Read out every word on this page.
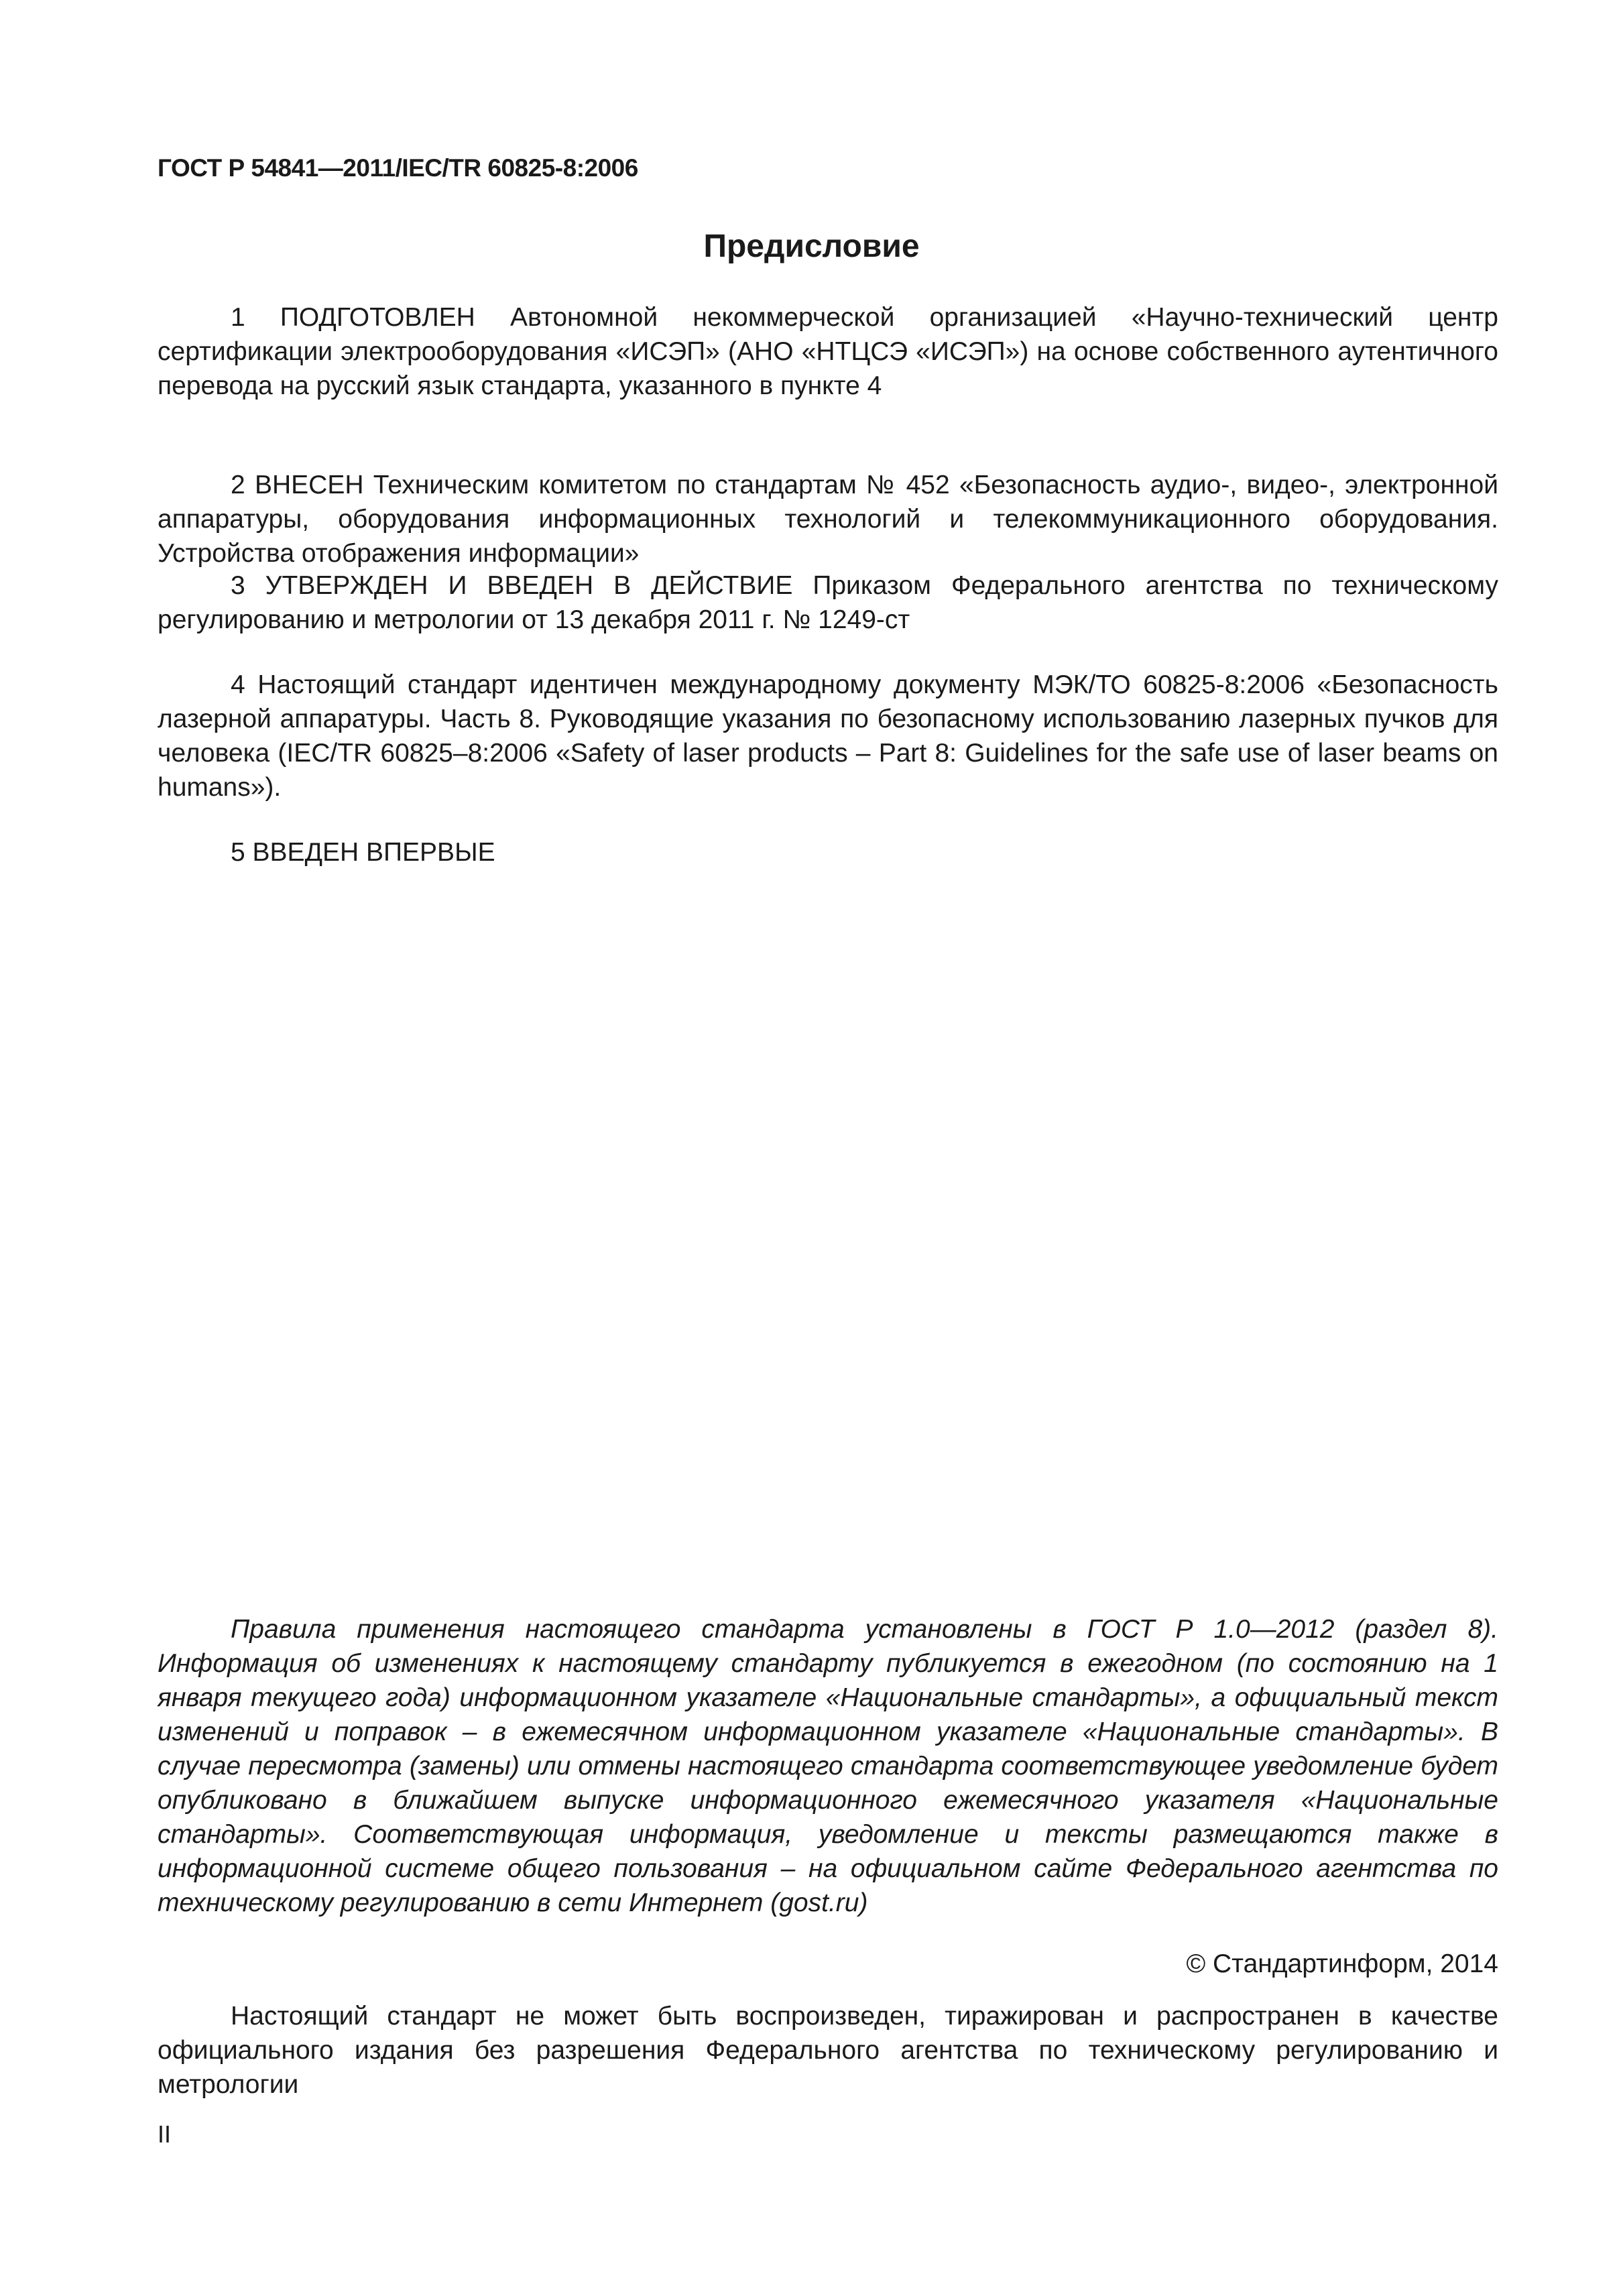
ГОСТ Р 54841—2011/IEC/TR 60825-8:2006
Предисловие

1 ПОДГОТОВЛЕН Автономной некоммерческой организацией «Научно-технический центр сертификации электрооборудования «ИСЭП» (АНО «НТЦСЭ «ИСЭП») на основе собственного аутентичного перевода на русский язык стандарта, указанного в пункте 4

2 ВНЕСЕН Техническим комитетом по стандартам № 452 «Безопасность аудио-, видео-, электронной аппаратуры, оборудования информационных технологий и телекоммуникационного оборудования. Устройства отображения информации»

3 УТВЕРЖДЕН И ВВЕДЕН В ДЕЙСТВИЕ Приказом Федерального агентства по техническому регулированию и метрологии от 13 декабря 2011 г. № 1249-ст

4 Настоящий стандарт идентичен международному документу МЭК/ТО 60825-8:2006 «Безопасность лазерной аппаратуры. Часть 8. Руководящие указания по безопасному использованию лазерных пучков для человека (IEC/TR 60825–8:2006 «Safety of laser products – Part 8: Guidelines for the safe use of laser beams on humans»).

5 ВВЕДЕН ВПЕРВЫЕ

Правила применения настоящего стандарта установлены в ГОСТ Р 1.0—2012 (раздел 8). Информация об изменениях к настоящему стандарту публикуется в ежегодном (по состоянию на 1 января текущего года) информационном указателе «Национальные стандарты», а официальный текст изменений и поправок – в ежемесячном информационном указателе «Национальные стандарты». В случае пересмотра (замены) или отмены настоящего стандарта соответствующее уведомление будет опубликовано в ближайшем выпуске информационного ежемесячного указателя «Национальные стандарты». Соответствующая информация, уведомление и тексты размещаются также в информационной системе общего пользования – на официальном сайте Федерального агентства по техническому регулированию в сети Интернет (gost.ru)

© Стандартинформ, 2014

Настоящий стандарт не может быть воспроизведен, тиражирован и распространен в качестве официального издания без разрешения Федерального агентства по техническому регулированию и метрологии

II
